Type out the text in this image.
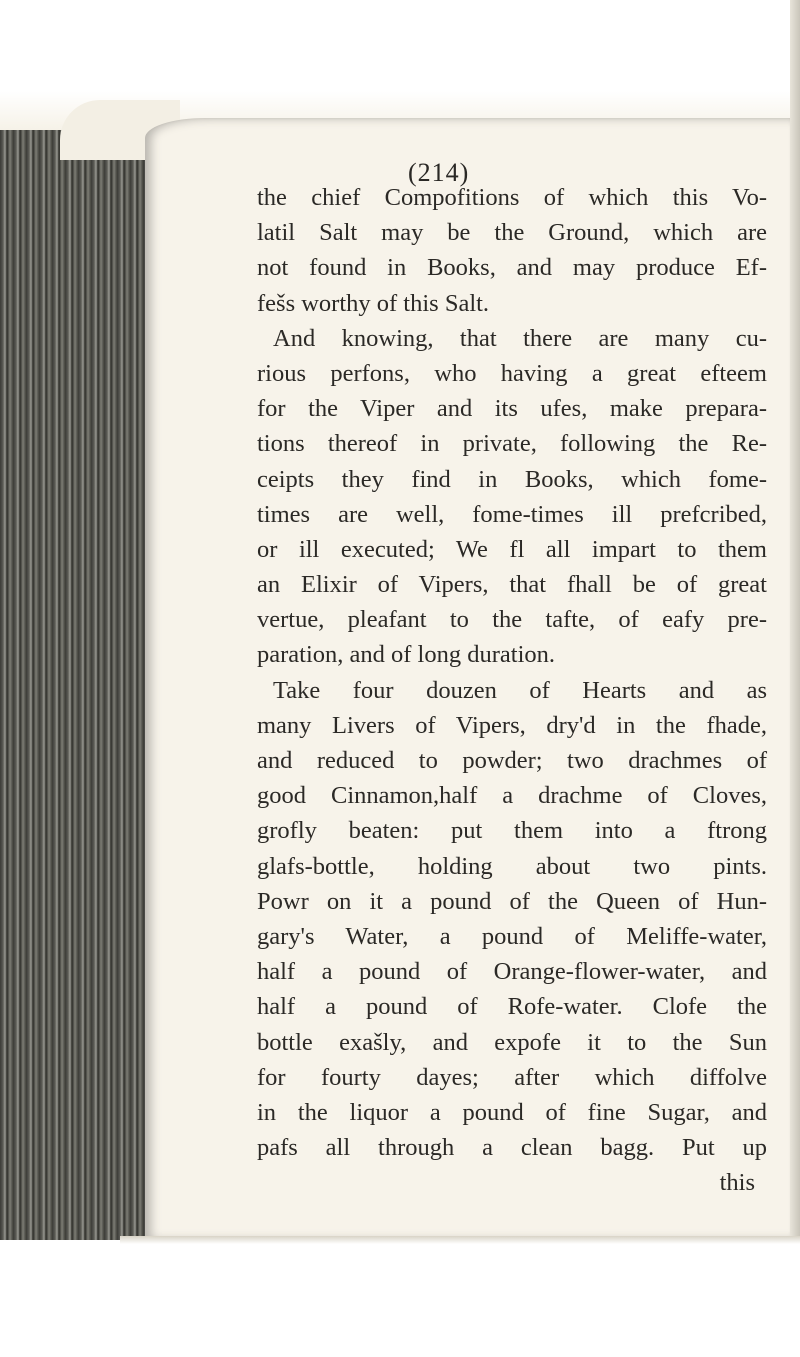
(214)
the chief Compofitions of which this Vo‑
latil Salt may be the Ground, which are
not found in Books, and may produce Ef‑
fešs worthy of this Salt.
And knowing, that there are many cu‑
rious perfons, who having a great efteem
for the Viper and its ufes, make prepara‑
tions thereof in private, following the Re‑
ceipts they find in Books, which fome‑
times are well, fome-times ill prefcribed,
or ill executed; We fl all impart to them
an Elixir of Vipers, that fhall be of great
vertue, pleafant to the tafte, of eafy pre‑
paration, and of long duration.
Take four douzen of Hearts and as
many Livers of Vipers, dry'd in the fhade,
and reduced to powder; two drachmes of
good Cinnamon,half a drachme of Cloves,
grofly beaten: put them into a ftrong
glafs-bottle, holding about two pints.
Powr on it a pound of the Queen of Hun‑
gary's Water, a pound of Meliffe-water,
half a pound of Orange-flower-water, and
half a pound of Rofe-water. Clofe the
bottle exašly, and expofe it to the Sun
for fourty dayes; after which diffolve
in the liquor a pound of fine Sugar, and
pafs all through a clean bagg. Put up
this
